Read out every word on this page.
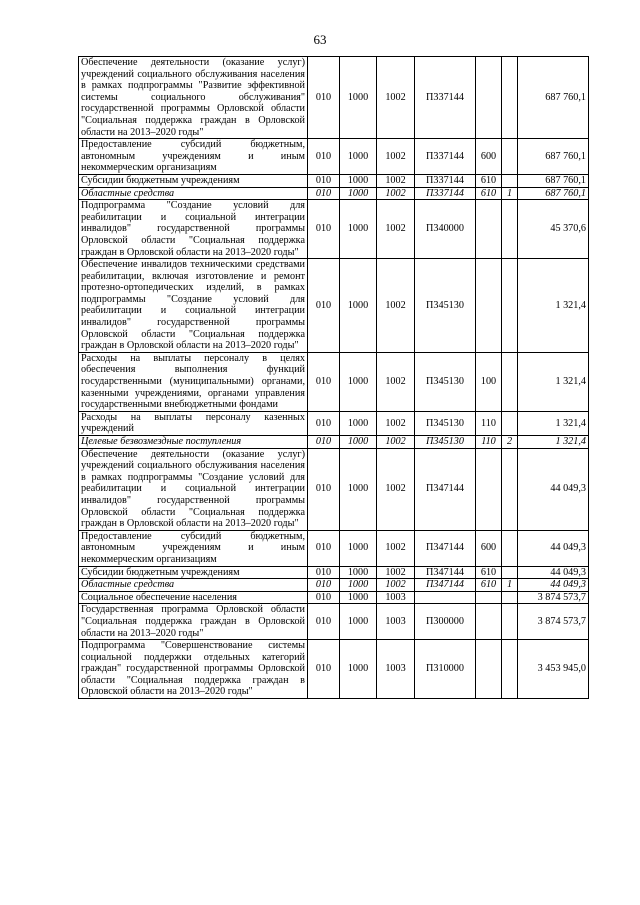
63
Обеспечение деятельности (оказание услуг) учреждений социального обслуживания населения в рамках подпрограммы "Развитие эффективной системы социального обслуживания" государственной программы Орловской области "Социальная поддержка граждан в Орловской области на 2013–2020 годы"	010	1000	1002	П337144			687 760,1
Предоставление субсидий бюджетным, автономным учреждениям и иным некоммерческим организациям	010	1000	1002	П337144	600		687 760,1
Субсидии бюджетным учреждениям	010	1000	1002	П337144	610		687 760,1
Областные средства	010	1000	1002	П337144	610	1	687 760,1
Подпрограмма "Создание условий для реабилитации и социальной интеграции инвалидов" государственной программы Орловской области "Социальная поддержка граждан в Орловской области на 2013–2020 годы"	010	1000	1002	П340000			45 370,6
Обеспечение инвалидов техническими средствами реабилитации, включая изготовление и ремонт протезно-ортопедических изделий, в рамках подпрограммы "Создание условий для реабилитации и социальной интеграции инвалидов" государственной программы Орловской области "Социальная поддержка граждан в Орловской области на 2013–2020 годы"	010	1000	1002	П345130			1 321,4
Расходы на выплаты персоналу в целях обеспечения выполнения функций государственными (муниципальными) органами, казенными учреждениями, органами управления государственными внебюджетными фондами	010	1000	1002	П345130	100		1 321,4
Расходы на выплаты персоналу казенных учреждений	010	1000	1002	П345130	110		1 321,4
Целевые безвозмездные поступления	010	1000	1002	П345130	110	2	1 321,4
Обеспечение деятельности (оказание услуг) учреждений социального обслуживания населения в рамках подпрограммы "Создание условий для реабилитации и социальной интеграции инвалидов" государственной программы Орловской области "Социальная поддержка граждан в Орловской области на 2013–2020 годы"	010	1000	1002	П347144			44 049,3
Предоставление субсидий бюджетным, автономным учреждениям и иным некоммерческим организациям	010	1000	1002	П347144	600		44 049,3
Субсидии бюджетным учреждениям	010	1000	1002	П347144	610		44 049,3
Областные средства	010	1000	1002	П347144	610	1	44 049,3
Социальное обеспечение населения	010	1000	1003				3 874 573,7
Государственная программа Орловской области "Социальная поддержка граждан в Орловской области на 2013–2020 годы"	010	1000	1003	П300000			3 874 573,7
Подпрограмма "Совершенствование системы социальной поддержки отдельных категорий граждан" государственной программы Орловской области "Социальная поддержка граждан в Орловской области на 2013–2020 годы"	010	1000	1003	П310000			3 453 945,0
